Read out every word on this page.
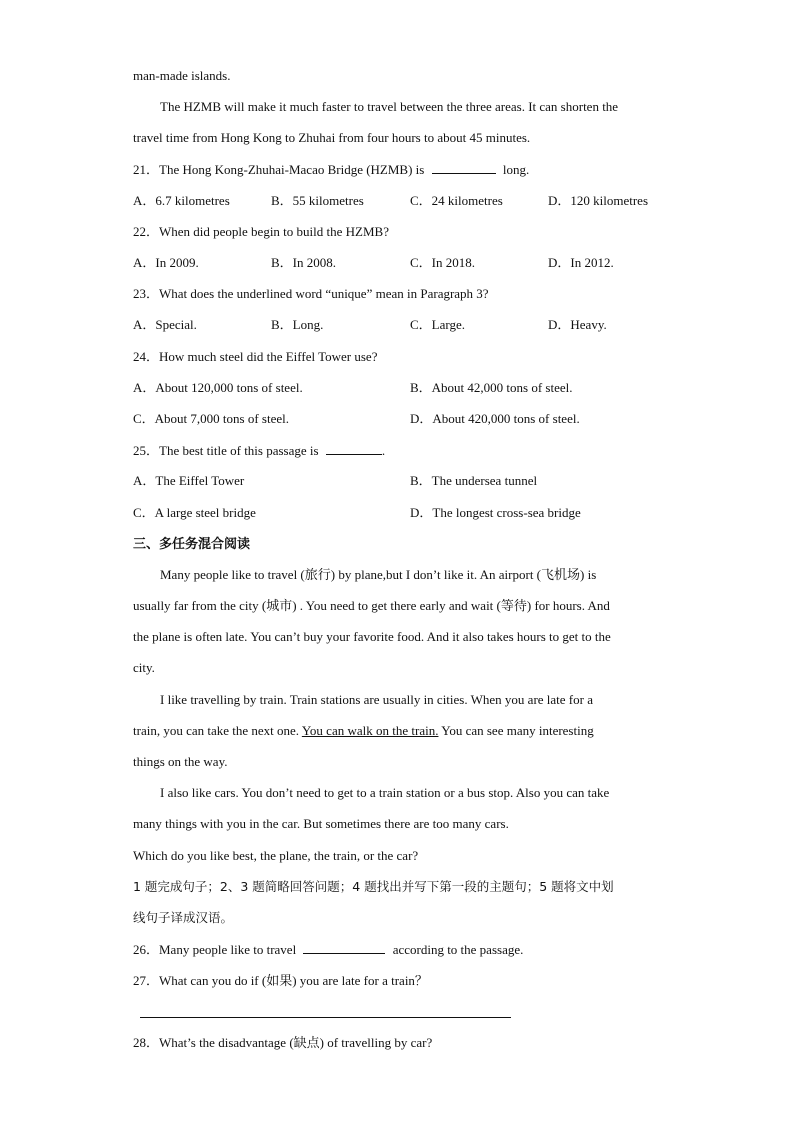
man-made islands.
The HZMB will make it much faster to travel between the three areas. It can shorten the
travel time from Hong Kong to Zhuhai from four hours to about 45 minutes.
21．The Hong Kong-Zhuhai-Macao Bridge (HZMB) is	long.
A．6.7 kilometres	B．55 kilometres	C．24 kilometres	D．120 kilometres
22．When did people begin to build the HZMB?
A．In 2009.	B．In 2008.	C．In 2018.	D．In 2012.
23．What does the underlined word “unique” mean in Paragraph 3?
A．Special.	B．Long.	C．Large.	D．Heavy.
24．How much steel did the Eiffel Tower use?
A．About 120,000 tons of steel.	B．About 42,000 tons of steel.
C．About 7,000 tons of steel.	D．About 420,000 tons of steel.
25．The best title of this passage is	.
A．The Eiffel Tower	B．The undersea tunnel
C．A large steel bridge	D．The longest cross-sea bridge
三、多任务混合阅读
Many people like to travel (旅行) by plane,but I don’t like it. An airport (飞机场) is
usually far from the city (城市) . You need to get there early and wait (等待) for hours. And
the plane is often late. You can’t buy your favorite food. And it also takes hours to get to the
city.
I like travelling by train. Train stations are usually in cities. When you are late for a
train, you can take the next one. You can walk on the train. You can see many interesting
things on the way.
I also like cars. You don’t need to get to a train station or a bus stop. Also you can take
many things with you in the car. But sometimes there are too many cars.
Which do you like best, the plane, the train, or the car?
1 题完成句子；2、3 题简略回答问题；4 题找出并写下第一段的主题句；5 题将文中划
线句子译成汉语。
26．Many people like to travel	according to the passage.
27．What can you do if (如果) you are late for a train？
28．What’s the disadvantage (缺点) of travelling by car?
